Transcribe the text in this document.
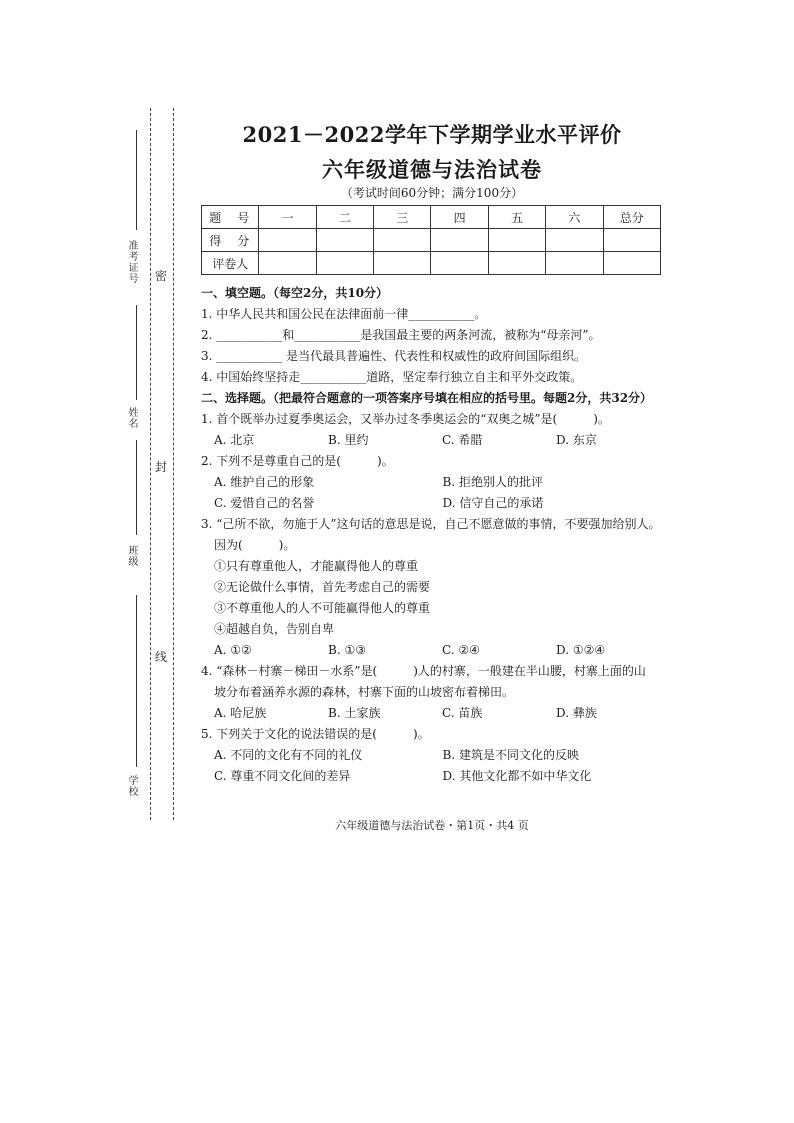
准考证号
姓名
班级
学校
密
封
线
2021－2022学年下学期学业水平评价
六年级道德与法治试卷
（考试时间60分钟；满分100分）
题　号	一	二	三	四	五	六	总分
得　分							
评卷人							
一、填空题。（每空2分，共10分）
1. 中华人民共和国公民在法律面前一律___________。
2. ___________和___________是我国最主要的两条河流，被称为“母亲河”。
3. ___________ 是当代最具普遍性、代表性和权威性的政府间国际组织。
4. 中国始终坚持走___________道路，坚定奉行独立自主和平外交政策。
二、选择题。（把最符合题意的一项答案序号填在相应的括号里。每题2分，共32分）
1. 首个既举办过夏季奥运会，又举办过冬季奥运会的“双奥之城”是(　　　)。
A. 北京	B. 里约	C. 希腊	D. 东京
2. 下列不是尊重自己的是(　　　)。
A. 维护自己的形象	B. 拒绝别人的批评
C. 爱惜自己的名誉	D. 信守自己的承诺
3. “己所不欲，勿施于人”这句话的意思是说，自己不愿意做的事情，不要强加给别人。
因为(　　　)。
①只有尊重他人，才能赢得他人的尊重
②无论做什么事情，首先考虑自己的需要
③不尊重他人的人不可能赢得他人的尊重
④超越自负，告别自卑
A. ①②	B. ①③	C. ②④	D. ①②④
4. “森林－村寨－梯田－水系”是(　　　)人的村寨，一般建在半山腰，村寨上面的山
坡分布着涵养水源的森林，村寨下面的山坡密布着梯田。
A. 哈尼族	B. 土家族	C. 苗族	D. 彝族
5. 下列关于文化的说法错误的是(　　　)。
A. 不同的文化有不同的礼仪	B. 建筑是不同文化的反映
C. 尊重不同文化间的差异	D. 其他文化都不如中华文化
六年级道德与法治试卷・第1页・共4 页
